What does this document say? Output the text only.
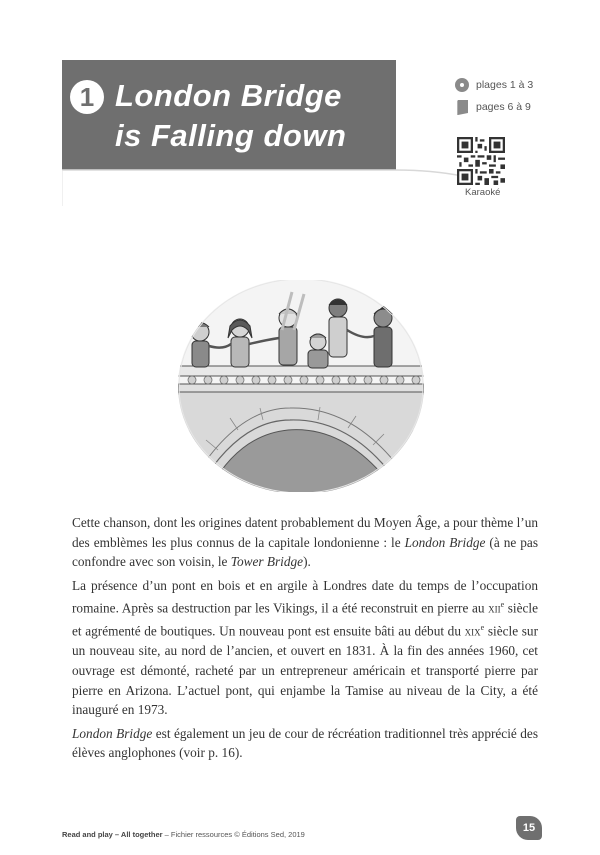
1 London Bridge
is Falling down
plages 1 à 3
pages 6 à 9
Karaoké

Cette chanson, dont les origines datent probablement du Moyen Âge, a pour thème l’un des emblèmes les plus connus de la capitale londonienne : le London Bridge (à ne pas confondre avec son voisin, le Tower Bridge).

La présence d’un pont en bois et en argile à Londres date du temps de l’occupation romaine. Après sa destruction par les Vikings, il a été reconstruit en pierre au xii$^e$ siècle et agrémenté de boutiques. Un nouveau pont est ensuite bâti au début du xix$^e$ siècle sur un nouveau site, au nord de l’ancien, et ouvert en 1831. À la fin des années 1960, cet ouvrage est démonté, racheté par un entrepreneur américain et transporté pierre par pierre en Arizona. L’actuel pont, qui enjambe la Tamise au niveau de la City, a été inauguré en 1973.

London Bridge est également un jeu de cour de récréation traditionnel très apprécié des élèves anglophones (voir p. 16).

Read and play – All together – Fichier ressources © Éditions Sed, 2019
15
